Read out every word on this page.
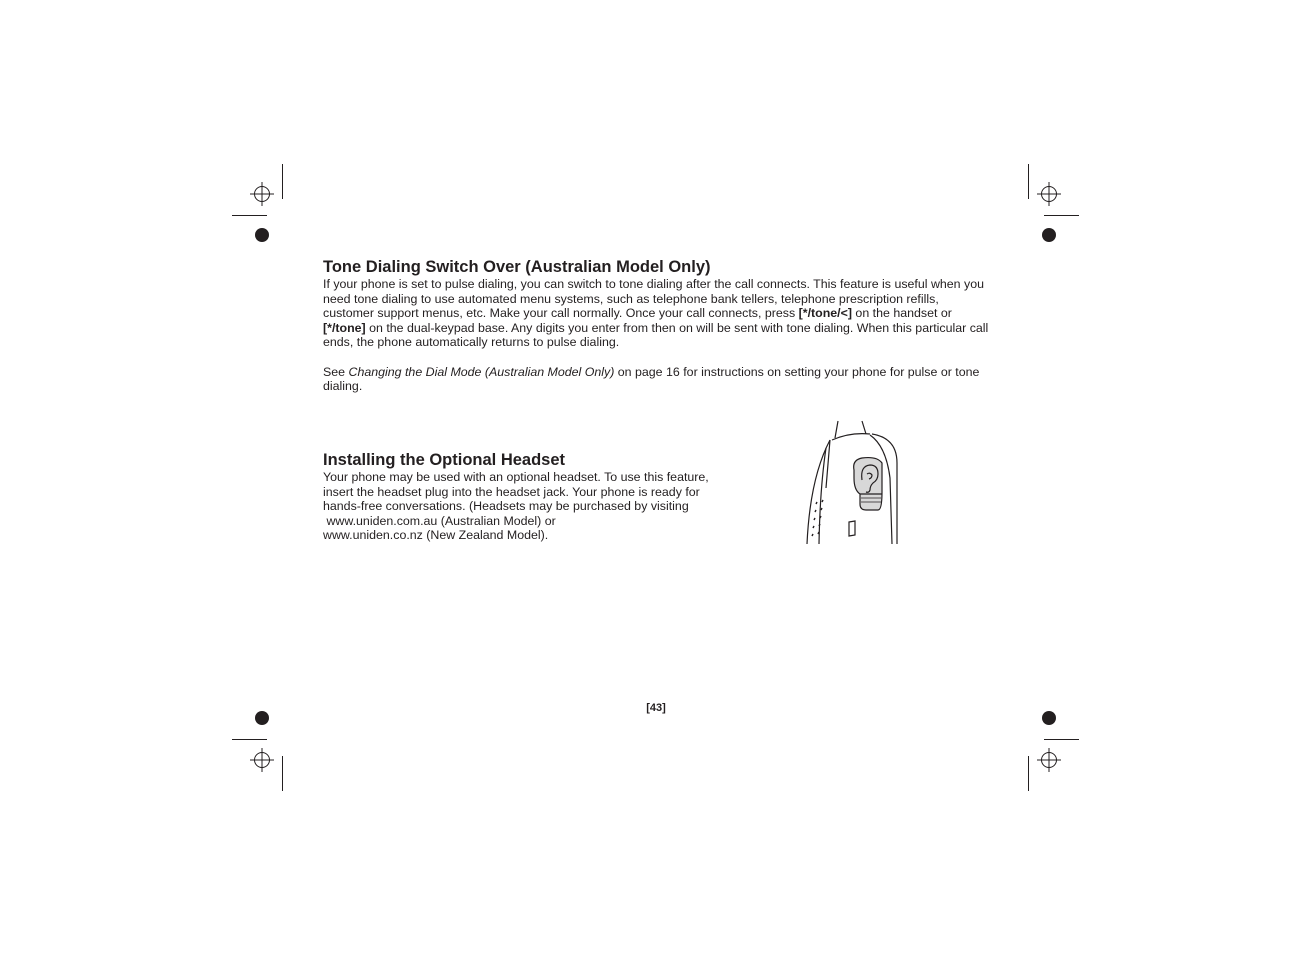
Tone Dialing Switch Over (Australian Model Only)

If your phone is set to pulse dialing, you can switch to tone dialing after the call connects. This feature is useful when you need tone dialing to use automated menu systems, such as telephone bank tellers, telephone prescription refills, customer support menus, etc. Make your call normally. Once your call connects, press [*/tone/<] on the handset or [*/tone] on the dual-keypad base. Any digits you enter from then on will be sent with tone dialing. When this particular call ends, the phone automatically returns to pulse dialing.

See Changing the Dial Mode (Australian Model Only) on page 16 for instructions on setting your phone for pulse or tone dialing.

Installing the Optional Headset

Your phone may be used with an optional headset. To use this feature,
insert the headset plug into the headset jack. Your phone is ready for
hands-free conversations. (Headsets may be purchased by visiting
www.uniden.com.au (Australian Model) or
www.uniden.co.nz (New Zealand Model).

[43]
